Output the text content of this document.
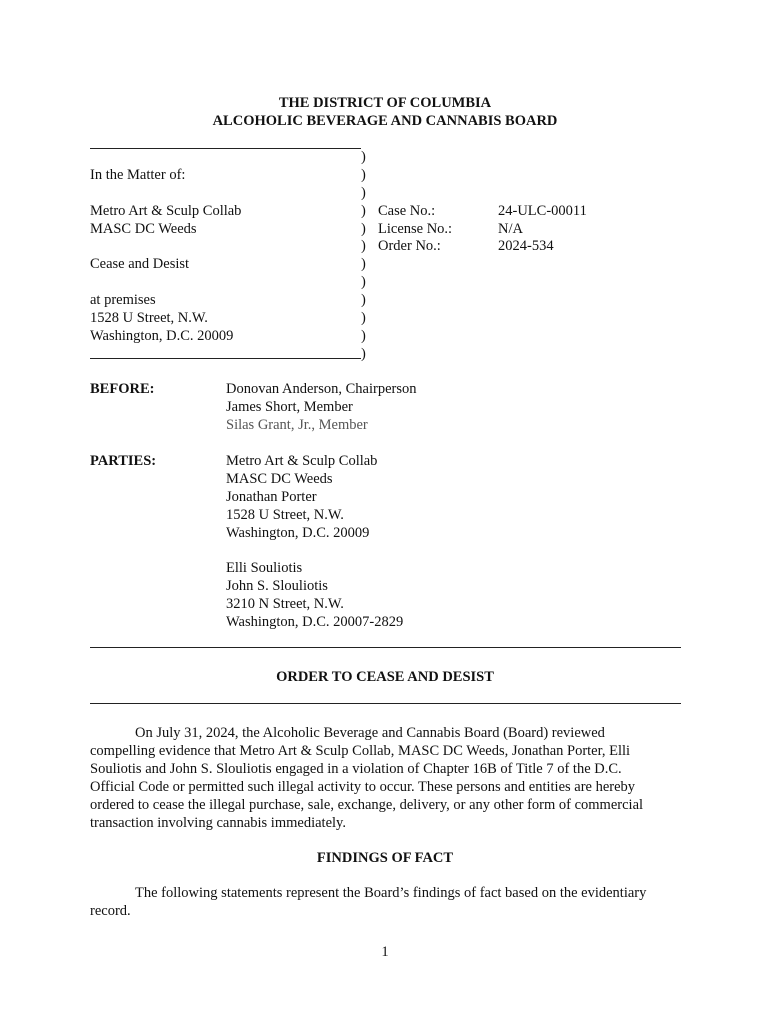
THE DISTRICT OF COLUMBIA
ALCOHOLIC BEVERAGE AND CANNABIS BOARD
In the Matter of:
Metro Art & Sculp Collab
MASC DC Weeds
Cease and Desist
at premises
1528 U Street, N.W.
Washington, D.C. 20009
)
)
)
)
)
)
)
)
)
)
)
)
Case No.:	24-ULC-00011
License No.:	N/A
Order No.:	2024-534
BEFORE:	Donovan Anderson, Chairperson
James Short, Member
Silas Grant, Jr., Member
PARTIES:	Metro Art & Sculp Collab
MASC DC Weeds
Jonathan Porter
1528 U Street, N.W.
Washington, D.C. 20009
Elli Souliotis
John S. Slouliotis
3210 N Street, N.W.
Washington, D.C. 20007-2829
ORDER TO CEASE AND DESIST
On July 31, 2024, the Alcoholic Beverage and Cannabis Board (Board) reviewed
compelling evidence that Metro Art & Sculp Collab, MASC DC Weeds, Jonathan Porter, Elli
Souliotis and John S. Slouliotis engaged in a violation of Chapter 16B of Title 7 of the D.C.
Official Code or permitted such illegal activity to occur. These persons and entities are hereby
ordered to cease the illegal purchase, sale, exchange, delivery, or any other form of commercial
transaction involving cannabis immediately.
FINDINGS OF FACT
The following statements represent the Board’s findings of fact based on the evidentiary
record.
1
